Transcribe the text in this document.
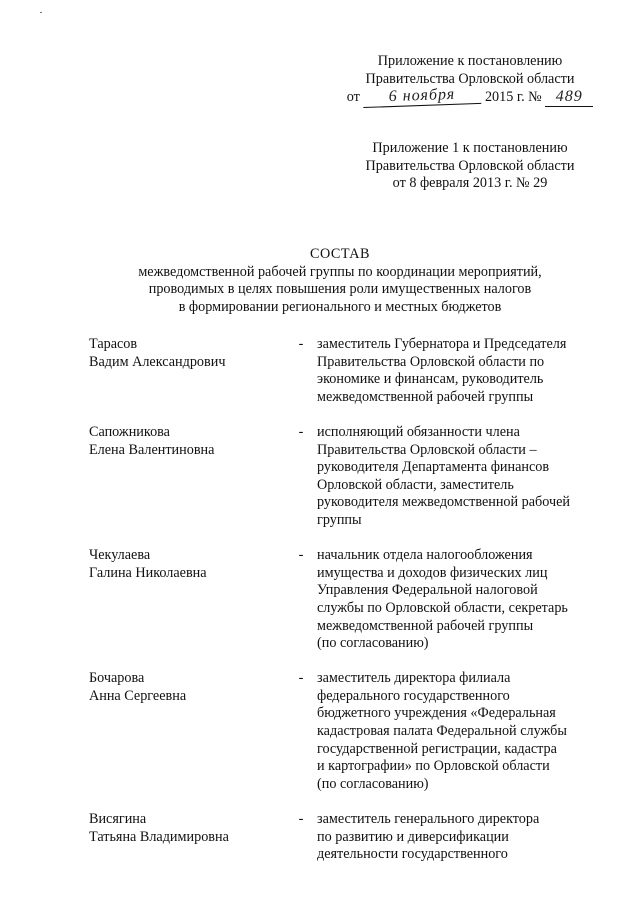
Приложение к постановлению
Правительства Орловской области
от 6 ноября 2015 г. № 489
Приложение 1 к постановлению
Правительства Орловской области
от 8 февраля 2013 г. № 29
СОСТАВ
межведомственной рабочей группы по координации мероприятий,
проводимых в целях повышения роли имущественных налогов
в формировании регионального и местных бюджетов
Тарасов
Вадим Александрович
- заместитель Губернатора и Председателя
Правительства Орловской области по
экономике и финансам, руководитель
межведомственной рабочей группы
Сапожникова
Елена Валентиновна
- исполняющий обязанности члена
Правительства Орловской области –
руководителя Департамента финансов
Орловской области, заместитель
руководителя межведомственной рабочей
группы
Чекулаева
Галина Николаевна
- начальник отдела налогообложения
имущества и доходов физических лиц
Управления Федеральной налоговой
службы по Орловской области, секретарь
межведомственной рабочей группы
(по согласованию)
Бочарова
Анна Сергеевна
- заместитель директора филиала
федерального государственного
бюджетного учреждения «Федеральная
кадастровая палата Федеральной службы
государственной регистрации, кадастра
и картографии» по Орловской области
(по согласованию)
Висягина
Татьяна Владимировна
- заместитель генерального директора
по развитию и диверсификации
деятельности государственного
